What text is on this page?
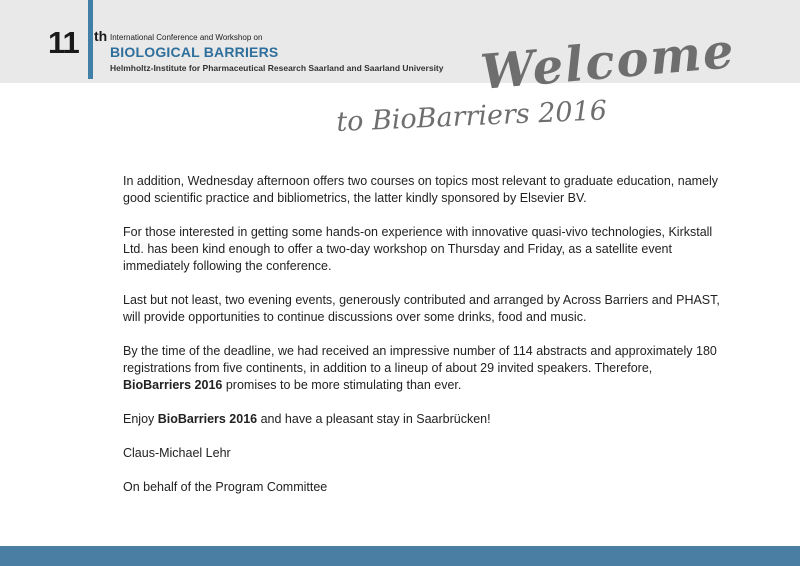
11 th International Conference and Workshop on
BIOLOGICAL BARRIERS
Helmholtz-Institute for Pharmaceutical Research Saarland and Saarland University Welcome
to BioBarriers 2016

In addition, Wednesday afternoon offers two courses on topics most relevant to graduate education, namely good scientific practice and bibliometrics, the latter kindly sponsored by Elsevier BV.

For those interested in getting some hands-on experience with innovative quasi-vivo technologies, Kirkstall Ltd. has been kind enough to offer a two-day workshop on Thursday and Friday, as a satellite event immediately following the conference.

Last but not least, two evening events, generously contributed and arranged by Across Barriers and PHAST, will provide opportunities to continue discussions over some drinks, food and music.

By the time of the deadline, we had received an impressive number of 114 abstracts and approximately 180 registrations from five continents, in addition to a lineup of about 29 invited speakers. Therefore, BioBarriers 2016 promises to be more stimulating than ever.

Enjoy BioBarriers 2016 and have a pleasant stay in Saarbrücken!

Claus-Michael Lehr

On behalf of the Program Committee
